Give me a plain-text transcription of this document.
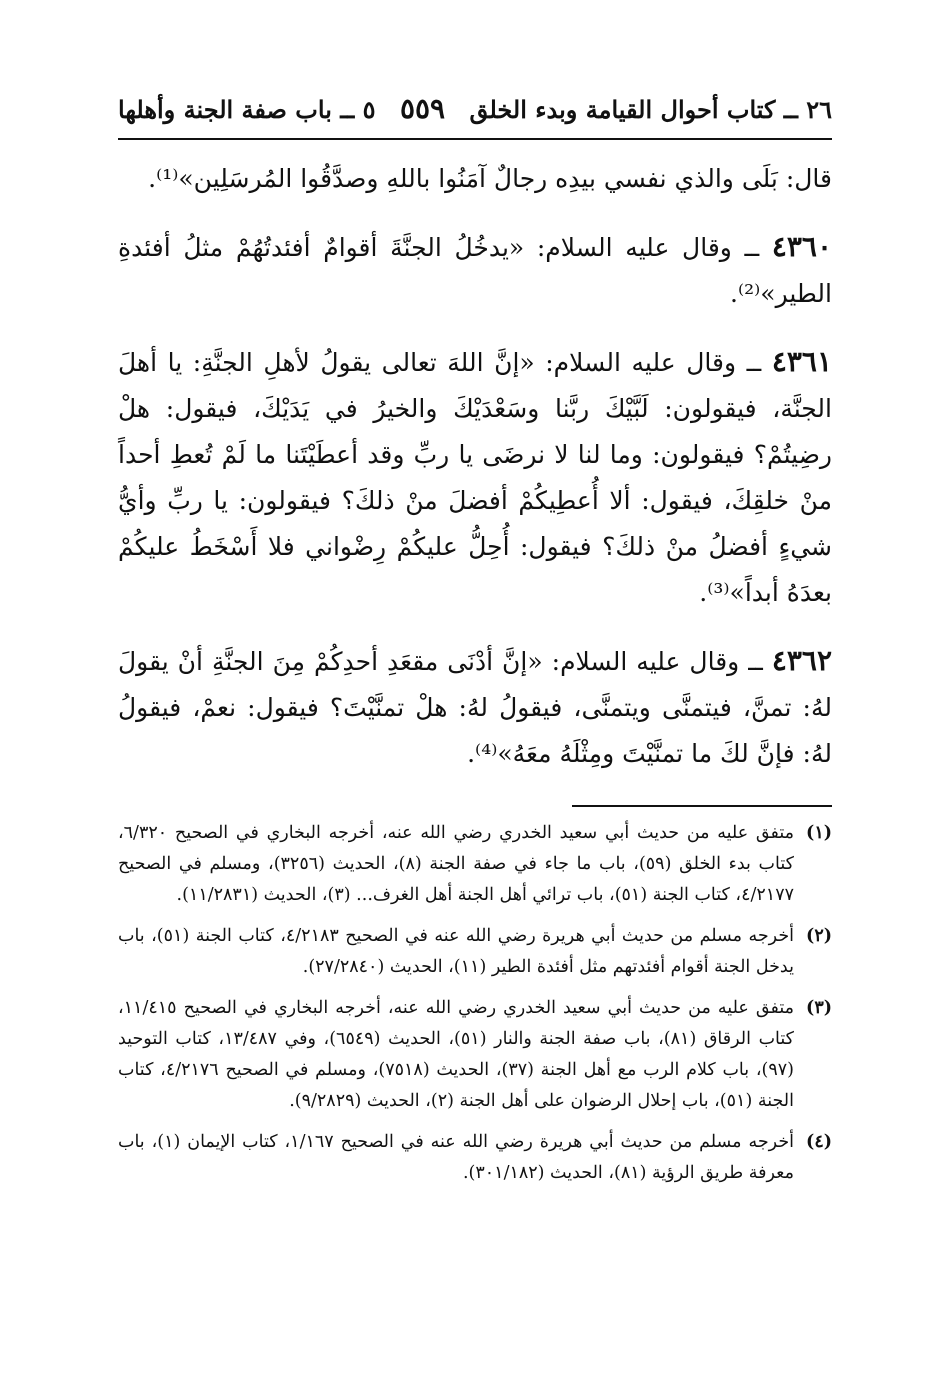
٢٦ ــ كتاب أحوال القيامة وبدء الخلق
٥٥٩
٥ ــ باب صفة الجنة وأهلها

قال: بَلَى والذي نفسي بيدِه رجالٌ آمَنُوا باللهِ وصدَّقُوا المُرسَلِين»⁽¹⁾.

٤٣٦٠ ــ وقال عليه السلام: «يدخُلُ الجنَّةَ أقوامٌ أفئدتُهُمْ مثلُ أفئدةِ الطير»⁽²⁾.

٤٣٦١ ــ وقال عليه السلام: «إنَّ اللهَ تعالى يقولُ لأهلِ الجنَّةِ: يا أهلَ الجنَّة، فيقولون: لَبَّيْكَ ربَّنا وسَعْدَيْكَ والخيرُ في يَدَيْكَ، فيقول: هلْ رضِيتُمْ؟ فيقولون: وما لنا لا نرضَى يا ربِّ وقد أعطَيْتَنا ما لَمْ تُعطِ أحداً منْ خلقِكَ، فيقول: ألا أُعطِيكُمْ أفضلَ منْ ذلكَ؟ فيقولون: يا ربِّ وأيُّ شيءٍ أفضلُ منْ ذلكَ؟ فيقول: أُحِلُّ عليكُمْ رِضْواني فلا أَسْخَطُ عليكُمْ بعدَهُ أبداً»⁽³⁾.

٤٣٦٢ ــ وقال عليه السلام: «إنَّ أدْنَى مقعَدِ أحدِكُمْ مِنَ الجنَّةِ أنْ يقولَ لهُ: تمنَّ، فيتمنَّى ويتمنَّى، فيقولُ لهُ: هلْ تمنَّيْتَ؟ فيقول: نعمْ، فيقولُ لهُ: فإنَّ لكَ ما تمنَّيْتَ ومِثْلَهُ معَهُ»⁽⁴⁾.

(١)
متفق عليه من حديث أبي سعيد الخدري رضي الله عنه، أخرجه البخاري في الصحيح ٦/٣٢٠، كتاب بدء الخلق (٥٩)، باب ما جاء في صفة الجنة (٨)، الحديث (٣٢٥٦)، ومسلم في الصحيح ٤/٢١٧٧، كتاب الجنة (٥١)، باب ترائي أهل الجنة أهل الغرف... (٣)، الحديث (١١/٢٨٣١).
(٢)
أخرجه مسلم من حديث أبي هريرة رضي الله عنه في الصحيح ٤/٢١٨٣، كتاب الجنة (٥١)، باب يدخل الجنة أقوام أفئدتهم مثل أفئدة الطير (١١)، الحديث (٢٧/٢٨٤٠).
(٣)
متفق عليه من حديث أبي سعيد الخدري رضي الله عنه، أخرجه البخاري في الصحيح ١١/٤١٥، كتاب الرقاق (٨١)، باب صفة الجنة والنار (٥١)، الحديث (٦٥٤٩)، وفي ١٣/٤٨٧، كتاب التوحيد (٩٧)، باب كلام الرب مع أهل الجنة (٣٧)، الحديث (٧٥١٨)، ومسلم في الصحيح ٤/٢١٧٦، كتاب الجنة (٥١)، باب إحلال الرضوان على أهل الجنة (٢)، الحديث (٩/٢٨٢٩).
(٤)
أخرجه مسلم من حديث أبي هريرة رضي الله عنه في الصحيح ١/١٦٧، كتاب الإيمان (١)، باب معرفة طريق الرؤية (٨١)، الحديث (٣٠١/١٨٢).
